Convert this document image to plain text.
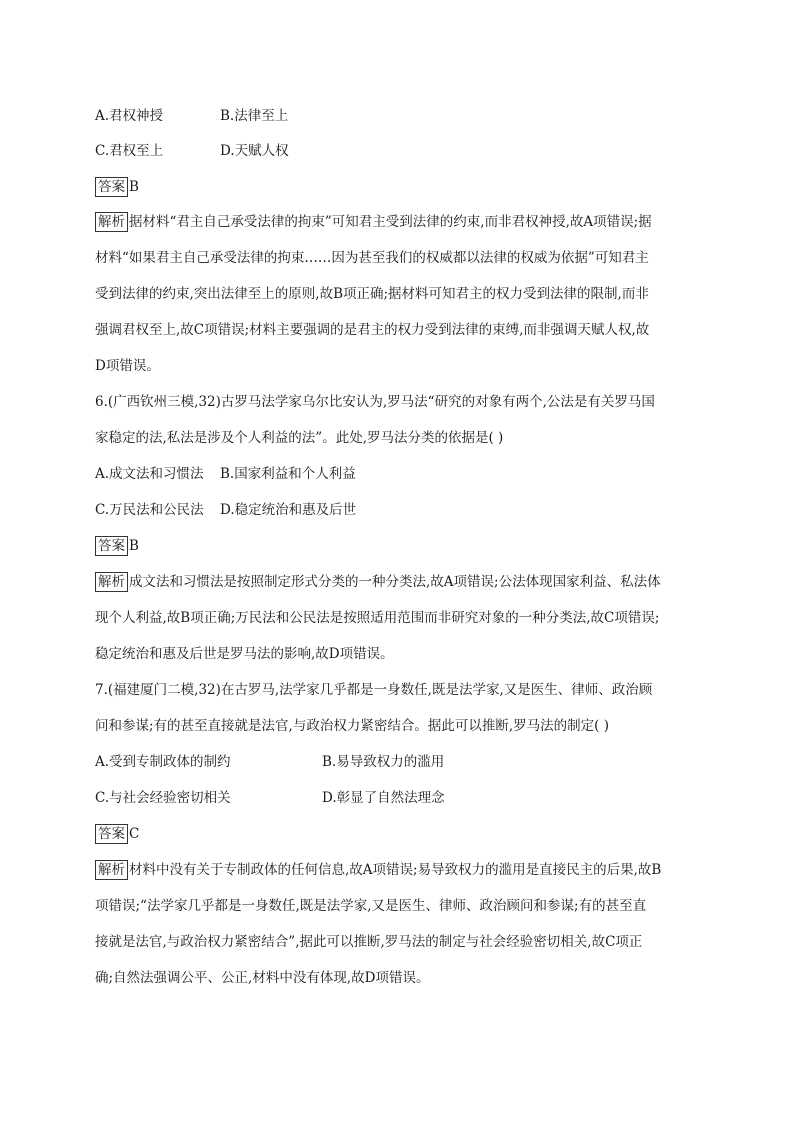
A.君权神授	B.法律至上
C.君权至上	D.天赋人权
答案 B
解析 据材料“君主自己承受法律的拘束”可知君主受到法律的约束,而非君权神授,故A项错误;据
材料“如果君主自己承受法律的拘束……因为甚至我们的权威都以法律的权威为依据”可知君主
受到法律的约束,突出法律至上的原则,故B项正确;据材料可知君主的权力受到法律的限制,而非
强调君权至上,故C项错误;材料主要强调的是君主的权力受到法律的束缚,而非强调天赋人权,故
D项错误。
6.(广西钦州三模,32)古罗马法学家乌尔比安认为,罗马法“研究的对象有两个,公法是有关罗马国
家稳定的法,私法是涉及个人利益的法”。此处,罗马法分类的依据是( )
A.成文法和习惯法 B.国家利益和个人利益
C.万民法和公民法 D.稳定统治和惠及后世
答案 B
解析 成文法和习惯法是按照制定形式分类的一种分类法,故A项错误;公法体现国家利益、私法体
现个人利益,故B项正确;万民法和公民法是按照适用范围而非研究对象的一种分类法,故C项错误;
稳定统治和惠及后世是罗马法的影响,故D项错误。
7.(福建厦门二模,32)在古罗马,法学家几乎都是一身数任,既是法学家,又是医生、律师、政治顾
问和参谋;有的甚至直接就是法官,与政治权力紧密结合。据此可以推断,罗马法的制定( )
A.受到专制政体的制约	B.易导致权力的滥用
C.与社会经验密切相关	D.彰显了自然法理念
答案 C
解析 材料中没有关于专制政体的任何信息,故A项错误;易导致权力的滥用是直接民主的后果,故B
项错误;“法学家几乎都是一身数任,既是法学家,又是医生、律师、政治顾问和参谋;有的甚至直
接就是法官,与政治权力紧密结合”,据此可以推断,罗马法的制定与社会经验密切相关,故C项正
确;自然法强调公平、公正,材料中没有体现,故D项错误。
